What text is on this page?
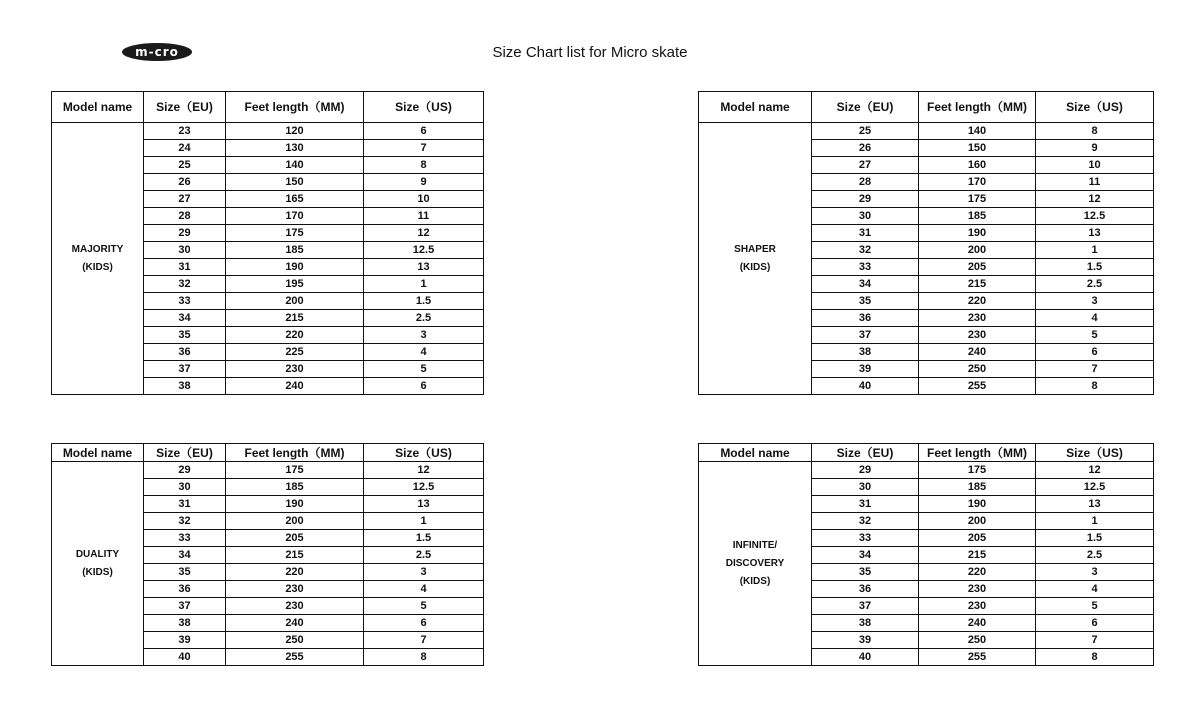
m-cro	Size Chart list for Micro skate
Model name	Size（EU)	Feet length（MM)	Size（US)

MAJORITY
(KIDS)	23	120	6
	24	130	7
	25	140	8
	26	150	9
	27	165	10
	28	170	11
	29	175	12
	30	185	12.5
	31	190	13
	32	195	1
	33	200	1.5
	34	215	2.5
	35	220	3
	36	225	4
	37	230	5
	38	240	6
Model name	Size（EU)	Feet length（MM)	Size（US)

SHAPER
(KIDS)	25	140	8
	26	150	9
	27	160	10
	28	170	11
	29	175	12
	30	185	12.5
	31	190	13
	32	200	1
	33	205	1.5
	34	215	2.5
	35	220	3
	36	230	4
	37	230	5
	38	240	6
	39	250	7
	40	255	8
Model name	Size（EU)	Feet length（MM)	Size（US)

DUALITY
(KIDS)	29	175	12
	30	185	12.5
	31	190	13
	32	200	1
	33	205	1.5
	34	215	2.5
	35	220	3
	36	230	4
	37	230	5
	38	240	6
	39	250	7
	40	255	8
Model name	Size（EU)	Feet length（MM)	Size（US)

INFINITE/
DISCOVERY
(KIDS)	29	175	12
	30	185	12.5
	31	190	13
	32	200	1
	33	205	1.5
	34	215	2.5
	35	220	3
	36	230	4
	37	230	5
	38	240	6
	39	250	7
	40	255	8
